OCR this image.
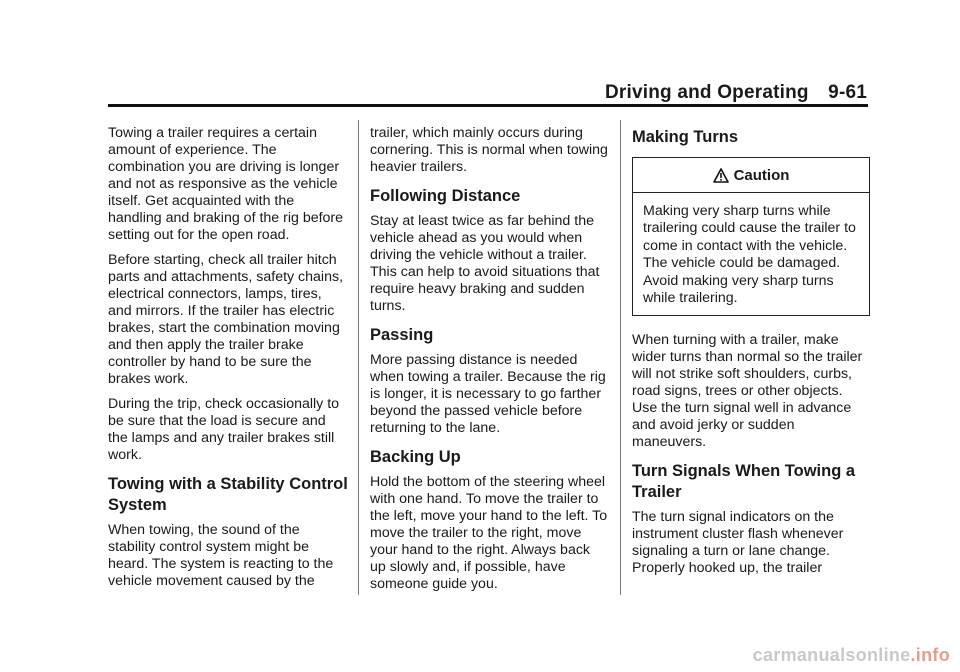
Driving and Operating 9-61

Towing a trailer requires a certain amount of experience. The combination you are driving is longer and not as responsive as the vehicle itself. Get acquainted with the handling and braking of the rig before setting out for the open road.

Before starting, check all trailer hitch parts and attachments, safety chains, electrical connectors, lamps, tires, and mirrors. If the trailer has electric brakes, start the combination moving and then apply the trailer brake controller by hand to be sure the brakes work.

During the trip, check occasionally to be sure that the load is secure and the lamps and any trailer brakes still work.

Towing with a Stability Control System

When towing, the sound of the stability control system might be heard. The system is reacting to the vehicle movement caused by the

trailer, which mainly occurs during cornering. This is normal when towing heavier trailers.

Following Distance

Stay at least twice as far behind the vehicle ahead as you would when driving the vehicle without a trailer. This can help to avoid situations that require heavy braking and sudden turns.

Passing

More passing distance is needed when towing a trailer. Because the rig is longer, it is necessary to go farther beyond the passed vehicle before returning to the lane.

Backing Up

Hold the bottom of the steering wheel with one hand. To move the trailer to the left, move your hand to the left. To move the trailer to the right, move your hand to the right. Always back up slowly and, if possible, have someone guide you.

Making Turns
Caution
Making very sharp turns while trailering could cause the trailer to come in contact with the vehicle. The vehicle could be damaged. Avoid making very sharp turns while trailering.

When turning with a trailer, make wider turns than normal so the trailer will not strike soft shoulders, curbs, road signs, trees or other objects. Use the turn signal well in advance and avoid jerky or sudden maneuvers.

Turn Signals When Towing a Trailer

The turn signal indicators on the instrument cluster flash whenever signaling a turn or lane change. Properly hooked up, the trailer

carmanualsonline.info
